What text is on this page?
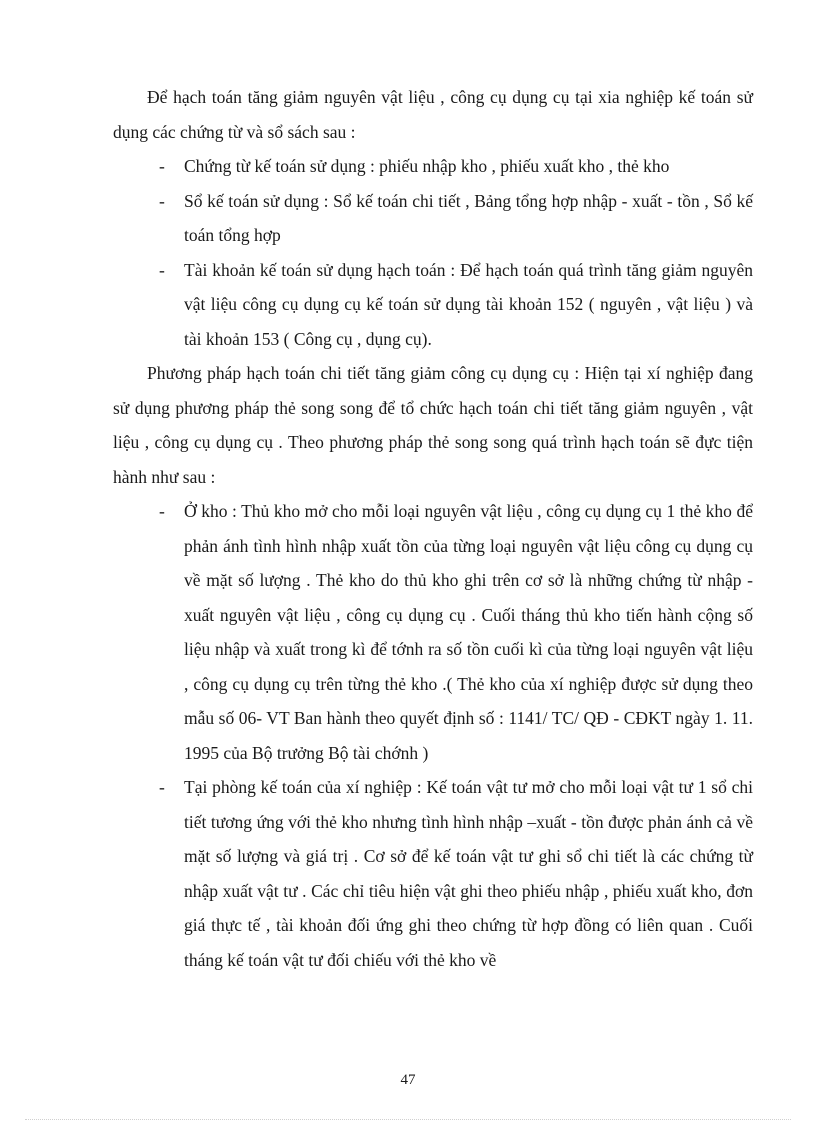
Để hạch toán tăng giảm nguyên vật liệu , công cụ dụng cụ tại xia nghiệp kế toán sử dụng các chứng từ và sổ sách sau :

- Chứng từ kế toán sử dụng : phiếu nhập kho , phiếu xuất kho , thẻ kho

- Sổ kế toán sử dụng : Sổ kế toán chi tiết , Bảng tổng hợp nhập - xuất - tồn , Sổ kế toán tổng hợp

- Tài khoản kế toán sử dụng hạch toán : Để hạch toán quá trình tăng giảm nguyên vật liệu công cụ dụng cụ kế toán sử dụng tài khoản 152 ( nguyên , vật liệu ) và tài khoản 153 ( Công cụ , dụng cụ).

Phương pháp hạch toán chi tiết tăng giảm công cụ dụng cụ : Hiện tại xí nghiệp đang sử dụng phương pháp thẻ song song để tổ chức hạch toán chi tiết tăng giảm nguyên , vật liệu , công cụ dụng cụ . Theo phương pháp thẻ song song quá trình hạch toán sẽ đực tiện hành như sau :

- Ở kho : Thủ kho mở cho mỗi loại nguyên vật liệu , công cụ dụng cụ 1 thẻ kho để phản ánh tình hình nhập xuất tồn của từng loại nguyên vật liệu công cụ dụng cụ về mặt số lượng . Thẻ kho do thủ kho ghi trên cơ sở là những chứng từ nhập - xuất nguyên vật liệu , công cụ dụng cụ . Cuối tháng thủ kho tiến hành cộng số liệu nhập và xuất trong kì để tớnh ra số tồn cuối kì của từng loại nguyên vật liệu , công cụ dụng cụ trên từng thẻ kho .( Thẻ kho của xí nghiệp được sử dụng theo mẫu số 06- VT Ban hành theo quyết định số : 1141/ TC/ QĐ - CĐKT ngày 1. 11. 1995 của Bộ trưởng Bộ tài chớnh )

- Tại phòng kế toán của xí nghiệp : Kế toán vật tư mở cho mỗi loại vật tư 1 sổ chi tiết tương ứng với thẻ kho nhưng tình hình nhập –xuất - tồn được phản ánh cả về mặt số lượng và giá trị . Cơ sở để kế toán vật tư ghi sổ chi tiết là các chứng từ nhập xuất vật tư . Các chỉ tiêu hiện vật ghi theo phiếu nhập , phiếu xuất kho, đơn giá thực tế , tài khoản đối ứng ghi theo chứng từ hợp đồng có liên quan . Cuối tháng kế toán vật tư đối chiếu với thẻ kho về

47
